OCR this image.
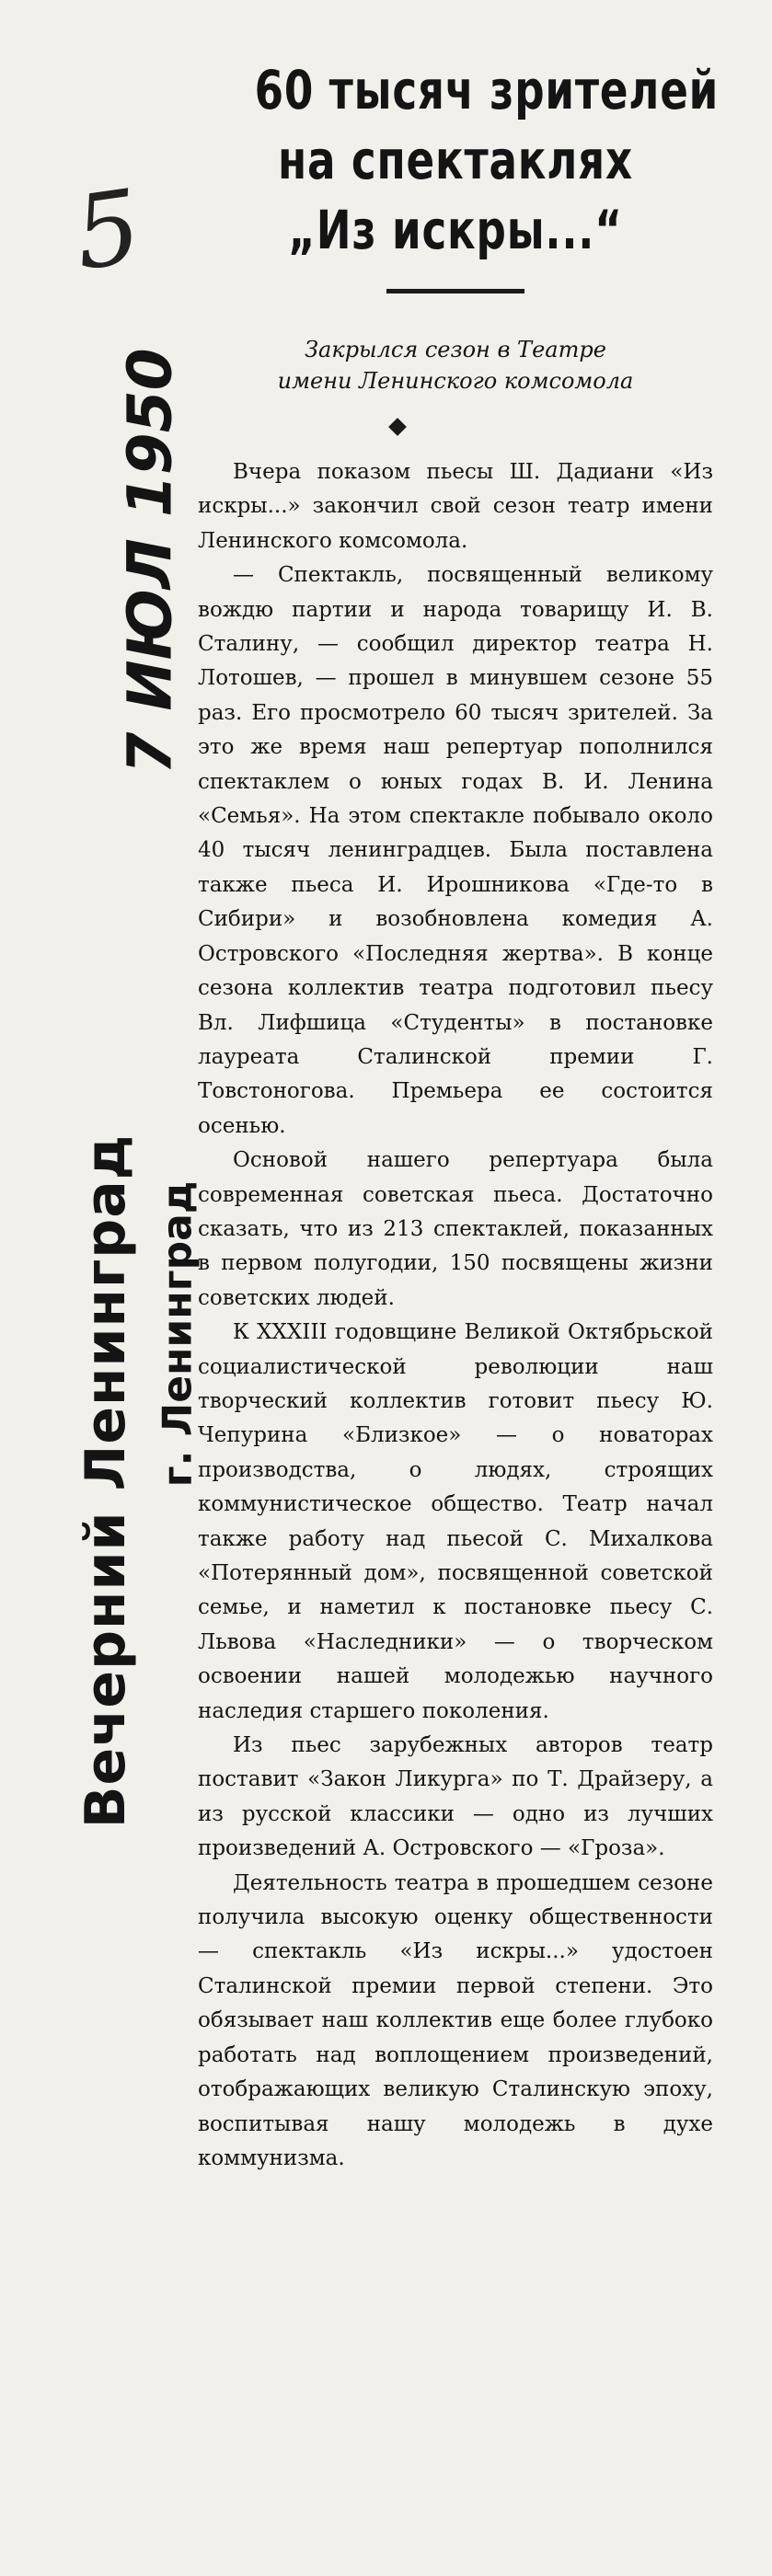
5
7 ИЮЛ 1950
Вечерний Ленинград г. Ленинград

60 тысяч зрителей

на спектаклях

„Из искры...“

Закрылся сезон в Театре

имени Ленинского комсомола

Вчера показом пьесы Ш. Дадиани «Из искры...» закончил свой сезон театр имени Ленинского комсомола.

— Спектакль, посвященный великому вождю партии и народа товарищу И. В. Сталину, — сообщил директор театра Н. Лотошев, — прошел в минувшем сезоне 55 раз. Его просмотрело 60 тысяч зрителей. За это же время наш репертуар пополнился спектаклем о юных годах В. И. Ленина «Семья». На этом спектакле побывало около 40 тысяч ленинградцев. Была поставлена также пьеса И. Ирошникова «Где-то в Сибири» и возобновлена комедия А. Островского «Последняя жертва». В конце сезона коллектив театра подготовил пьесу Вл. Лифшица «Студенты» в постановке лауреата Сталинской премии Г. Товстоногова. Премьера ее состоится осенью.

Основой нашего репертуара была современная советская пьеса. Достаточно сказать, что из 213 спектаклей, показанных в первом полугодии, 150 посвящены жизни советских людей.

К XXXIII годовщине Великой Октябрьской социалистической революции наш творческий коллектив готовит пьесу Ю. Чепурина «Близкое» — о новаторах производства, о людях, строящих коммунистическое общество. Театр начал также работу над пьесой С. Михалкова «Потерянный дом», посвященной советской семье, и наметил к постановке пьесу С. Львова «Наследники» — о творческом освоении нашей молодежью научного наследия старшего поколения.

Из пьес зарубежных авторов театр поставит «Закон Ликурга» по Т. Драйзеру, а из русской классики — одно из лучших произведений А. Островского — «Гроза».

Деятельность театра в прошедшем сезоне получила высокую оценку общественности — спектакль «Из искры...» удостоен Сталинской премии первой степени. Это обязывает наш коллектив еще более глубоко работать над воплощением произведений, отображающих великую Сталинскую эпоху, воспитывая нашу молодежь в духе коммунизма.
